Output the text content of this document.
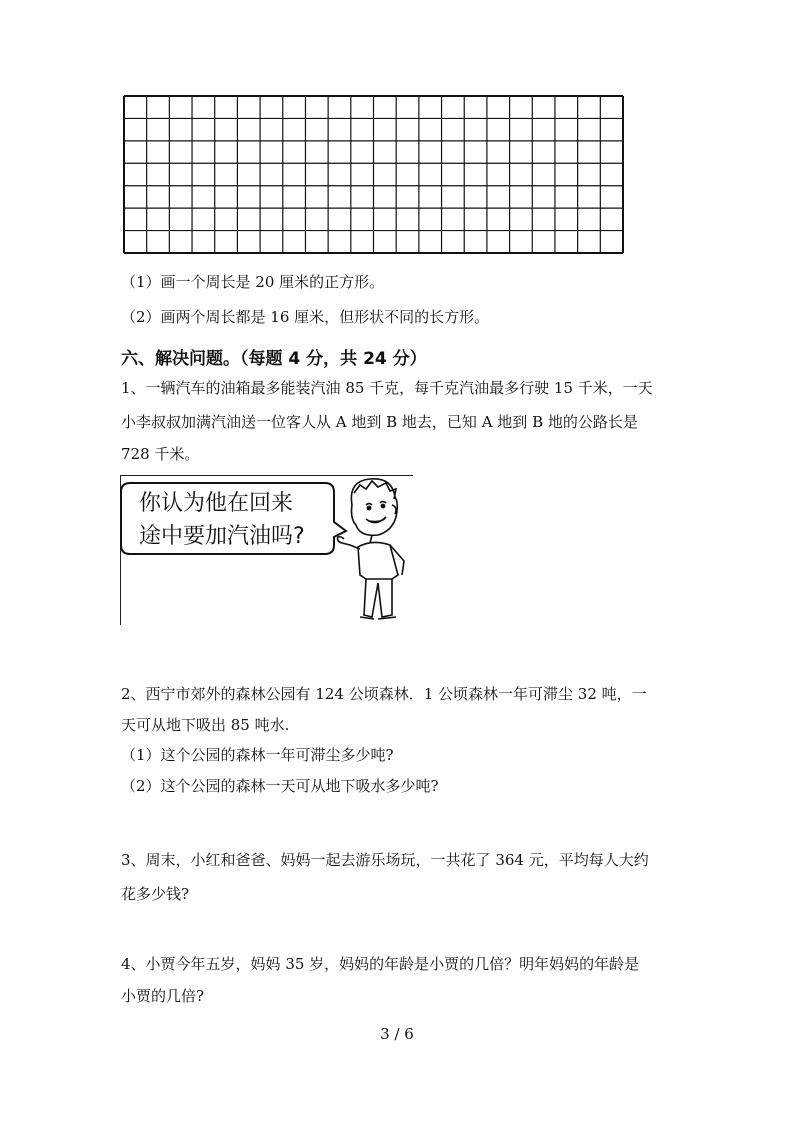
（1）画一个周长是 20 厘米的正方形。
（2）画两个周长都是 16 厘米，但形状不同的长方形。
六、解决问题。（每题 4 分，共 24 分）
1、一辆汽车的油箱最多能装汽油 85 千克，每千克汽油最多行驶 15 千米，一天
小李叔叔加满汽油送一位客人从 A 地到 B 地去，已知 A 地到 B 地的公路长是
728 千米。
你认为他在回来
途中要加汽油吗?
2、西宁市郊外的森林公园有 124 公顷森林．1 公顷森林一年可滞尘 32 吨，一
天可从地下吸出 85 吨水.
（1）这个公园的森林一年可滞尘多少吨?
（2）这个公园的森林一天可从地下吸水多少吨?
3、周末，小红和爸爸、妈妈一起去游乐场玩，一共花了 364 元，平均每人大约
花多少钱?
4、小贾今年五岁，妈妈 35 岁，妈妈的年龄是小贾的几倍？明年妈妈的年龄是
小贾的几倍?
3 / 6
